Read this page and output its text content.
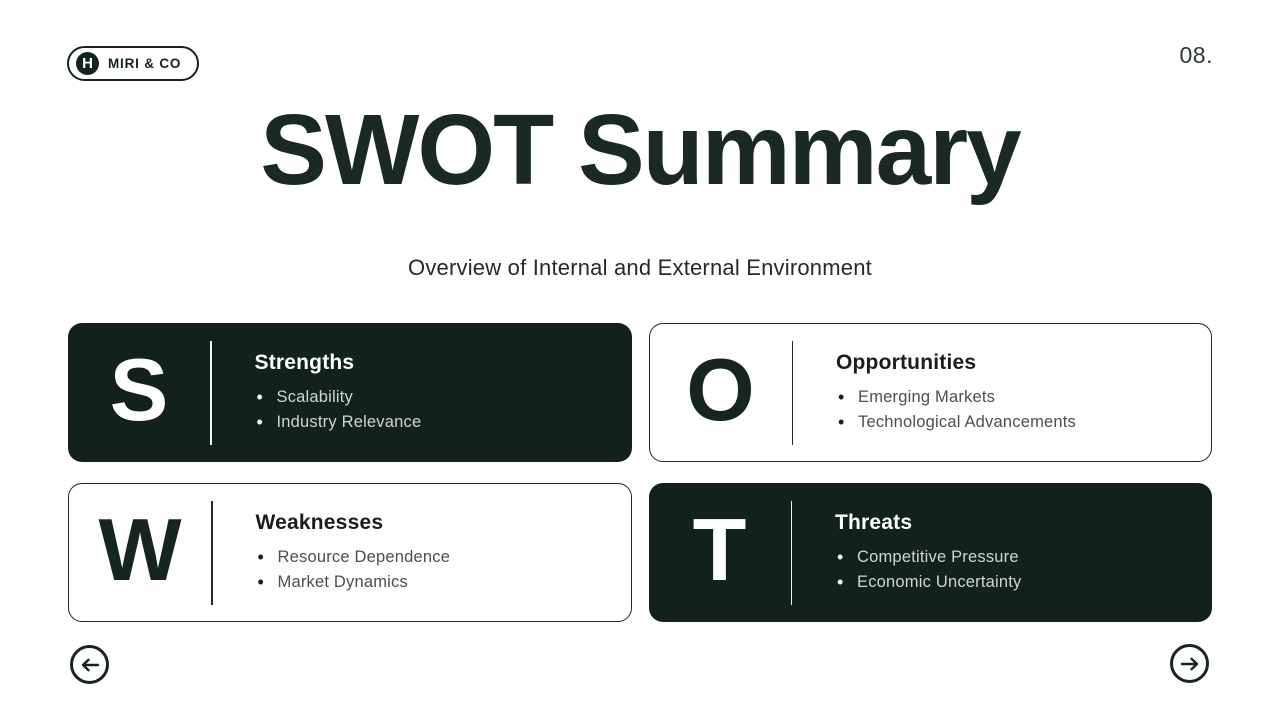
H	MIRI & CO	08.
SWOT Summary
Overview of Internal and External Environment
S	Strengths
• Scalability
• Industry Relevance	O	Opportunities
• Emerging Markets
• Technological Advancements
W	Weaknesses
• Resource Dependence
• Market Dynamics	T	Threats
• Competitive Pressure
• Economic Uncertainty
